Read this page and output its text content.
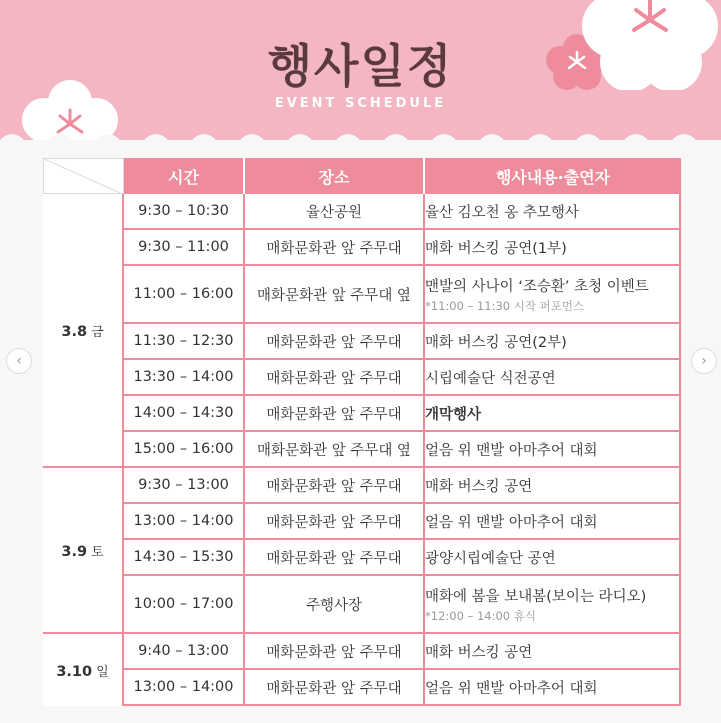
행사일정
EVENT SCHEDULE
‹	›
	시간	장소	행사내용·출연자
3.8 금	9:30 – 10:30	율산공원	율산 김오천 옹 추모행사
	9:30 – 11:00	매화문화관 앞 주무대	매화 버스킹 공연(1부)
	11:00 – 16:00	매화문화관 앞 주무대 옆	맨발의 사나이 ‘조승환’ 초청 이벤트
*11:00 – 11:30 시작 퍼포먼스

	11:30 – 12:30	매화문화관 앞 주무대	매화 버스킹 공연(2부)
	13:30 – 14:00	매화문화관 앞 주무대	시립예술단 식전공연
	14:00 – 14:30	매화문화관 앞 주무대	개막행사
	15:00 – 16:00	매화문화관 앞 주무대 옆	얼음 위 맨발 아마추어 대회
3.9 토	9:30 – 13:00	매화문화관 앞 주무대	매화 버스킹 공연
	13:00 – 14:00	매화문화관 앞 주무대	얼음 위 맨발 아마추어 대회
	14:30 – 15:30	매화문화관 앞 주무대	광양시립예술단 공연
	10:00 – 17:00	주행사장	매화에 봄을 보내봄(보이는 라디오)
*12:00 – 14:00 휴식

3.10 일	9:40 – 13:00	매화문화관 앞 주무대	매화 버스킹 공연
	13:00 – 14:00	매화문화관 앞 주무대	얼음 위 맨발 아마추어 대회
